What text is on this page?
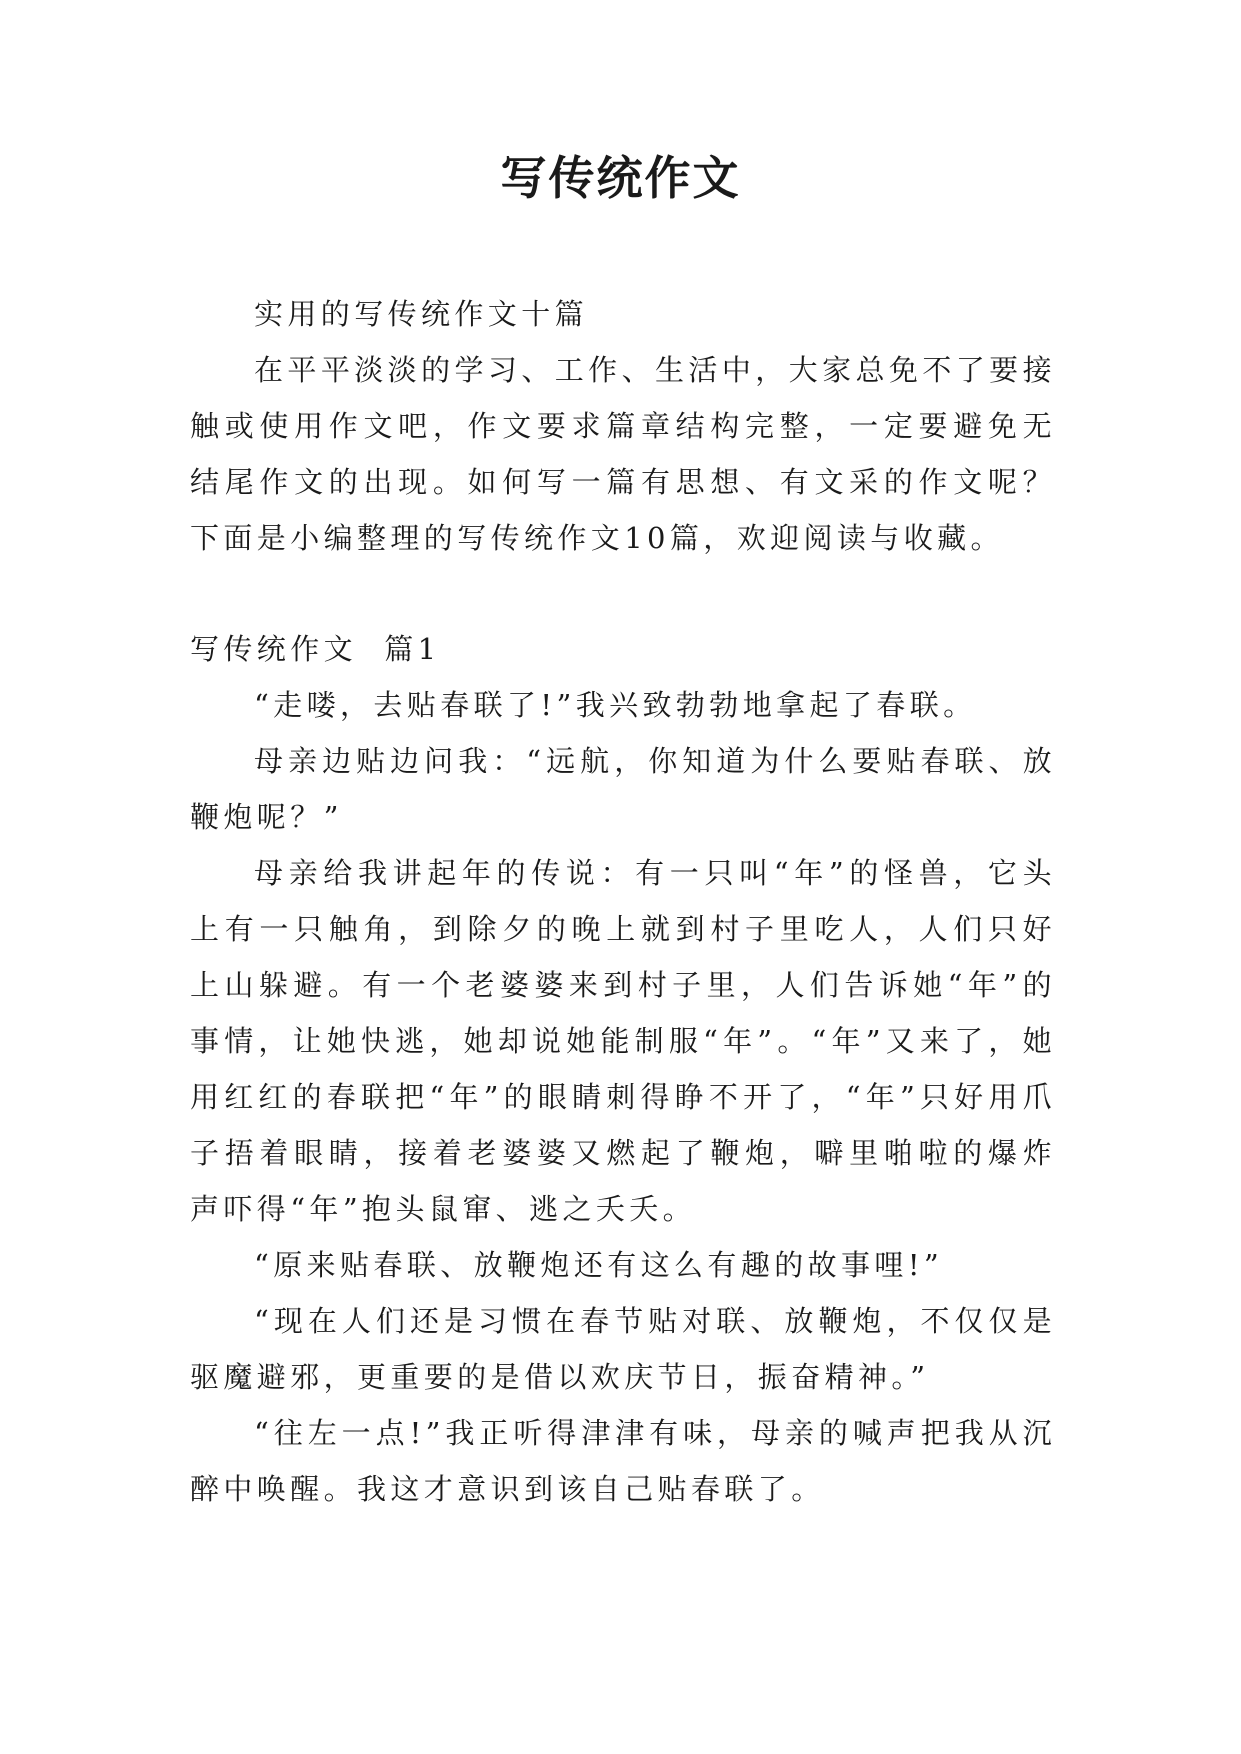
写传统作文

实用的写传统作文十篇

在平平淡淡的学习、工作、生活中，大家总免不了要接触或使用作文吧，作文要求篇章结构完整，一定要避免无结尾作文的出现。如何写一篇有思想、有文采的作文呢？下面是小编整理的写传统作文10篇，欢迎阅读与收藏。

写传统作文  篇1

“走喽，去贴春联了!”我兴致勃勃地拿起了春联。

母亲边贴边问我：“远航，你知道为什么要贴春联、放鞭炮呢？”

母亲给我讲起年的传说：有一只叫“年”的怪兽，它头上有一只触角，到除夕的晚上就到村子里吃人，人们只好上山躲避。有一个老婆婆来到村子里，人们告诉她“年”的事情，让她快逃，她却说她能制服“年”。“年”又来了，她用红红的春联把“年”的眼睛刺得睁不开了，“年”只好用爪子捂着眼睛，接着老婆婆又燃起了鞭炮，噼里啪啦的爆炸声吓得“年”抱头鼠窜、逃之夭夭。

“原来贴春联、放鞭炮还有这么有趣的故事哩!”

“现在人们还是习惯在春节贴对联、放鞭炮，不仅仅是驱魔避邪，更重要的是借以欢庆节日，振奋精神。”

“往左一点!”我正听得津津有味，母亲的喊声把我从沉醉中唤醒。我这才意识到该自己贴春联了。
